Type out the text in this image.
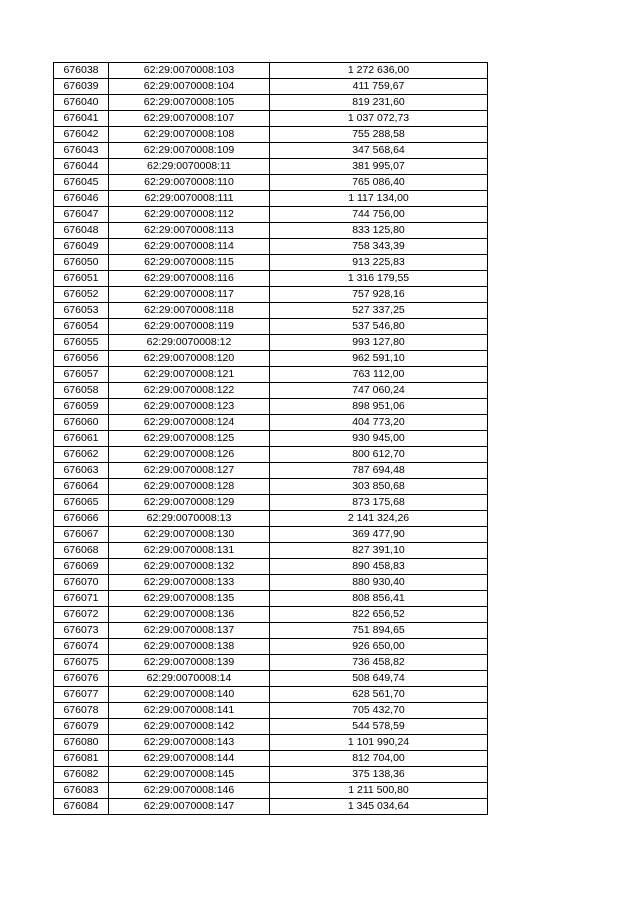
676038	62:29:0070008:103	1 272 636,00
676039	62:29:0070008:104	411 759,67
676040	62:29:0070008:105	819 231,60
676041	62:29:0070008:107	1 037 072,73
676042	62:29:0070008:108	755 288,58
676043	62:29:0070008:109	347 568,64
676044	62:29:0070008:11	381 995,07
676045	62:29:0070008:110	765 086,40
676046	62:29:0070008:111	1 117 134,00
676047	62:29:0070008:112	744 756,00
676048	62:29:0070008:113	833 125,80
676049	62:29:0070008:114	758 343,39
676050	62:29:0070008:115	913 225,83
676051	62:29:0070008:116	1 316 179,55
676052	62:29:0070008:117	757 928,16
676053	62:29:0070008:118	527 337,25
676054	62:29:0070008:119	537 546,80
676055	62:29:0070008:12	993 127,80
676056	62:29:0070008:120	962 591,10
676057	62:29:0070008:121	763 112,00
676058	62:29:0070008:122	747 060,24
676059	62:29:0070008:123	898 951,06
676060	62:29:0070008:124	404 773,20
676061	62:29:0070008:125	930 945,00
676062	62:29:0070008:126	800 612,70
676063	62:29:0070008:127	787 694,48
676064	62:29:0070008:128	303 850,68
676065	62:29:0070008:129	873 175,68
676066	62:29:0070008:13	2 141 324,26
676067	62:29:0070008:130	369 477,90
676068	62:29:0070008:131	827 391,10
676069	62:29:0070008:132	890 458,83
676070	62:29:0070008:133	880 930,40
676071	62:29:0070008:135	808 856,41
676072	62:29:0070008:136	822 656,52
676073	62:29:0070008:137	751 894,65
676074	62:29:0070008:138	926 650,00
676075	62:29:0070008:139	736 458,82
676076	62:29:0070008:14	508 649,74
676077	62:29:0070008:140	628 561,70
676078	62:29:0070008:141	705 432,70
676079	62:29:0070008:142	544 578,59
676080	62:29:0070008:143	1 101 990,24
676081	62:29:0070008:144	812 704,00
676082	62:29:0070008:145	375 138,36
676083	62:29:0070008:146	1 211 500,80
676084	62:29:0070008:147	1 345 034,64
